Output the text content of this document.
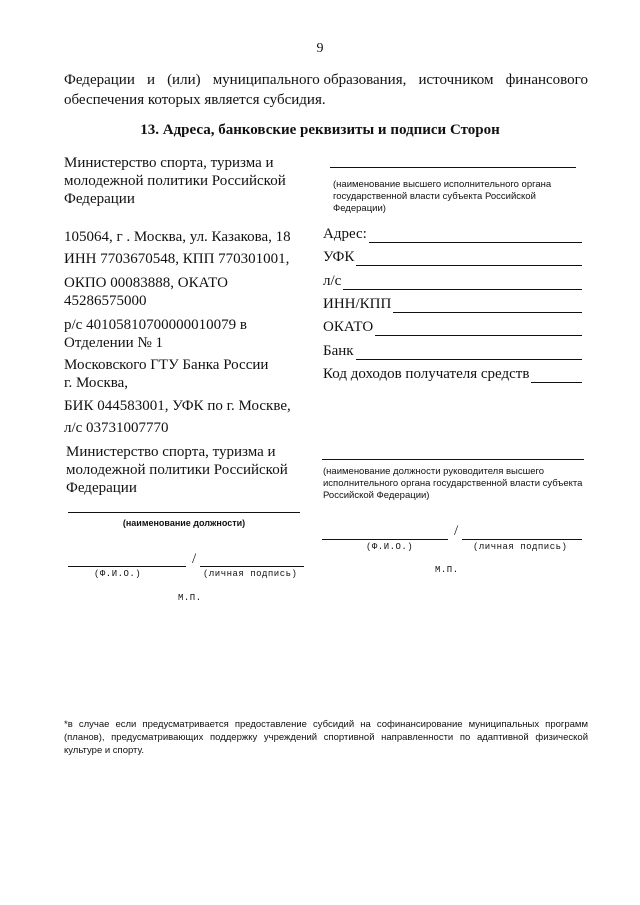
9
Федерации и (или) муниципального образования, источником финансового
обеспечения которых является субсидия.
13. Адреса, банковские реквизиты и подписи Сторон
Министерство спорта, туризма и
молодежной политики Российской
Федерации
105064, г . Москва, ул. Казакова, 18
ИНН 7703670548, КПП 770301001,
ОКПО 00083888, ОКАТО
45286575000
р/с 40105810700000010079 в
Отделении № 1
Московского ГТУ Банка России
г. Москва,
БИК 044583001, УФК по г. Москве,
л/с 03731007770
Министерство спорта, туризма и
молодежной политики Российской
Федерации
(наименование должности)
/
(Ф.И.О.)	(личная подпись)
М.П.
(наименование высшего исполнительного органа
государственной власти субъекта Российской
Федерации)
Адрес:
УФК
л/с
ИНН/КПП
ОКАТО
Банк
Код доходов получателя средств
(наименование должности руководителя высшего
исполнительного органа государственной власти субъекта
Российской Федерации)
/
(Ф.И.О.)	(личная подпись)
М.П.
*в случае если предусматривается предоставление субсидий на софинансирование муниципальных программ (планов), предусматривающих поддержку учреждений спортивной направленности по адаптивной физической культуре и спорту.
